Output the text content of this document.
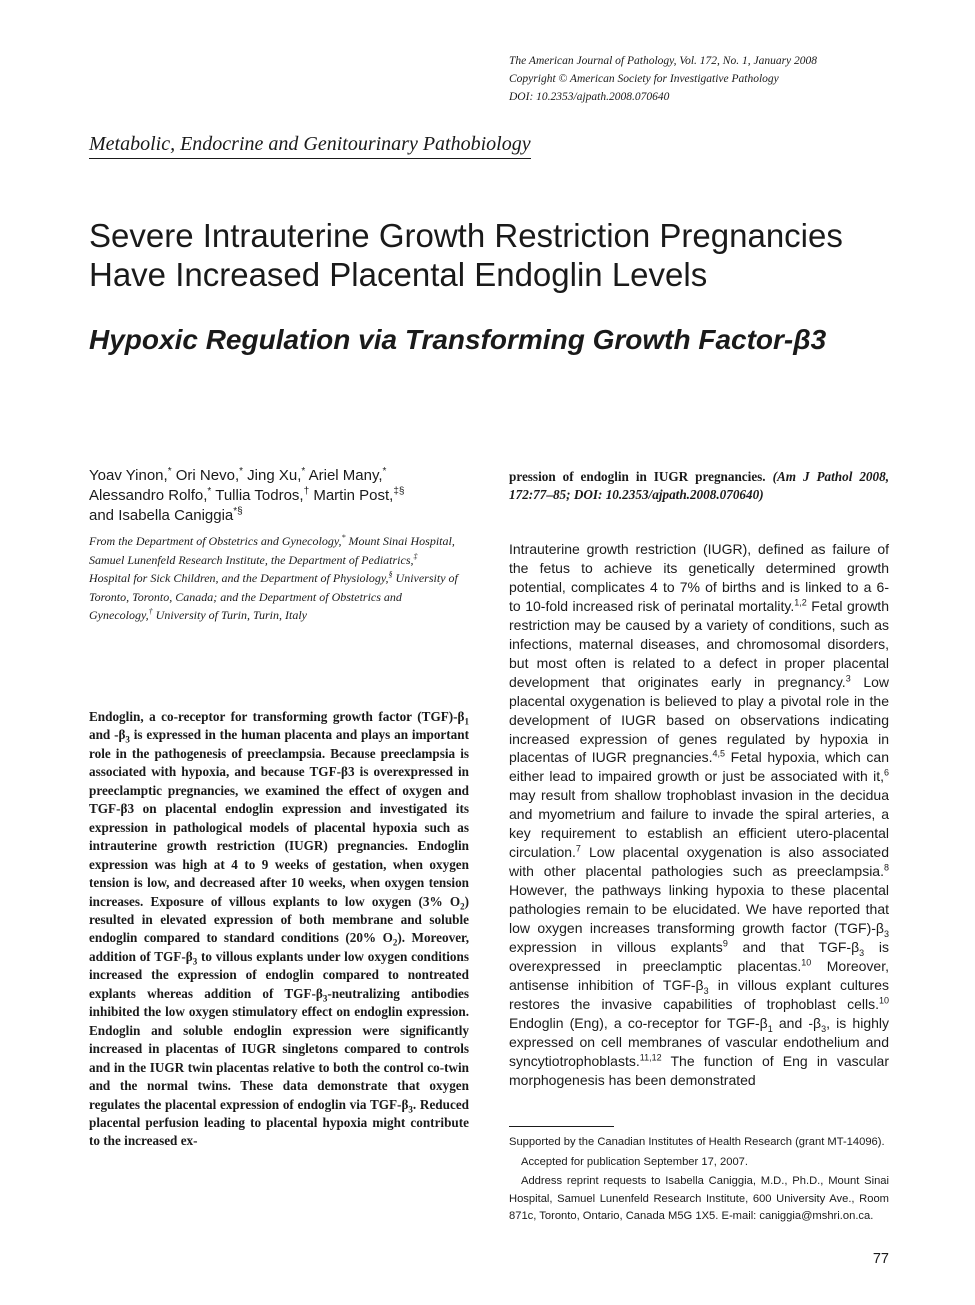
The American Journal of Pathology, Vol. 172, No. 1, January 2008
Copyright © American Society for Investigative Pathology
DOI: 10.2353/ajpath.2008.070640
Metabolic, Endocrine and Genitourinary Pathobiology
Severe Intrauterine Growth Restriction Pregnancies Have Increased Placental Endoglin Levels
Hypoxic Regulation via Transforming Growth Factor-β3
Yoav Yinon,* Ori Nevo,* Jing Xu,* Ariel Many,*
Alessandro Rolfo,* Tullia Todros,† Martin Post,‡§
and Isabella Caniggia*§
From the Department of Obstetrics and Gynecology,* Mount Sinai Hospital, Samuel Lunenfeld Research Institute, the Department of Pediatrics,‡ Hospital for Sick Children, and the Department of Physiology,§ University of Toronto, Toronto, Canada; and the Department of Obstetrics and Gynecology,† University of Turin, Turin, Italy
Endoglin, a co-receptor for transforming growth factor $(TGF)-\beta_1$ and $-\beta_3$ is expressed in the human placenta and plays an important role in the pathogenesis of preeclampsia. Because preeclampsia is associated with hypoxia, and because TGF-β3 is overexpressed in preeclamptic pregnancies, we examined the effect of oxygen and TGF-β3 on placental endoglin expression and investigated its expression in pathological models of placental hypoxia such as intrauterine growth restriction (IUGR) pregnancies. Endoglin expression was high at 4 to 9 weeks of gestation, when oxygen tension is low, and decreased after 10 weeks, when oxygen tension increases. Exposure of villous explants to low oxygen (3% $O_2$) resulted in elevated expression of both membrane and soluble endoglin compared to standard conditions (20% $O_2$). Moreover, addition of TGF-$\beta_3$ to villous explants under low oxygen conditions increased the expression of endoglin compared to nontreated explants whereas addition of TGF-$\beta_3$-neutralizing antibodies inhibited the low oxygen stimulatory effect on endoglin expression. Endoglin and soluble endoglin expression were significantly increased in placentas of IUGR singletons compared to controls and in the IUGR twin placentas relative to both the control co-twin and the normal twins. These data demonstrate that oxygen regulates the placental expression of endoglin via TGF-$\beta_3$. Reduced placental perfusion leading to placental hypoxia might contribute to the increased ex-
pression of endoglin in IUGR pregnancies. (Am J Pathol 2008, 172:77–85; DOI: 10.2353/ajpath.2008.070640)
Intrauterine growth restriction (IUGR), defined as failure of the fetus to achieve its genetically determined growth potential, complicates 4 to 7% of births and is linked to a 6- to 10-fold increased risk of perinatal mortality.$^{1,2}$ Fetal growth restriction may be caused by a variety of conditions, such as infections, maternal diseases, and chromosomal disorders, but most often is related to a defect in proper placental development that originates early in pregnancy.$^3$ Low placental oxygenation is believed to play a pivotal role in the development of IUGR based on observations indicating increased expression of genes regulated by hypoxia in placentas of IUGR pregnancies.$^{4,5}$ Fetal hypoxia, which can either lead to impaired growth or just be associated with it,$^6$ may result from shallow trophoblast invasion in the decidua and myometrium and failure to invade the spiral arteries, a key requirement to establish an efficient utero-placental circulation.$^7$ Low placental oxygenation is also associated with other placental pathologies such as preeclampsia.$^8$ However, the pathways linking hypoxia to these placental pathologies remain to be elucidated. We have reported that low oxygen increases transforming growth factor $(TGF)-\beta_3$ expression in villous explants$^9$ and that TGF-$\beta_3$ is overexpressed in preeclamptic placentas.$^{10}$ Moreover, antisense inhibition of TGF-$\beta_3$ in villous explant cultures restores the invasive capabilities of trophoblast cells.$^{10}$ Endoglin (Eng), a co-receptor for TGF-$\beta_1$ and $-\beta_3$, is highly expressed on cell membranes of vascular endothelium and syncytiotrophoblasts.$^{11,12}$ The function of Eng in vascular morphogenesis has been demonstrated

Supported by the Canadian Institutes of Health Research (grant MT-14096).

Accepted for publication September 17, 2007.

Address reprint requests to Isabella Caniggia, M.D., Ph.D., Mount Sinai Hospital, Samuel Lunenfeld Research Institute, 600 University Ave., Room 871c, Toronto, Ontario, Canada M5G 1X5. E-mail: caniggia@mshri.on.ca.

77
